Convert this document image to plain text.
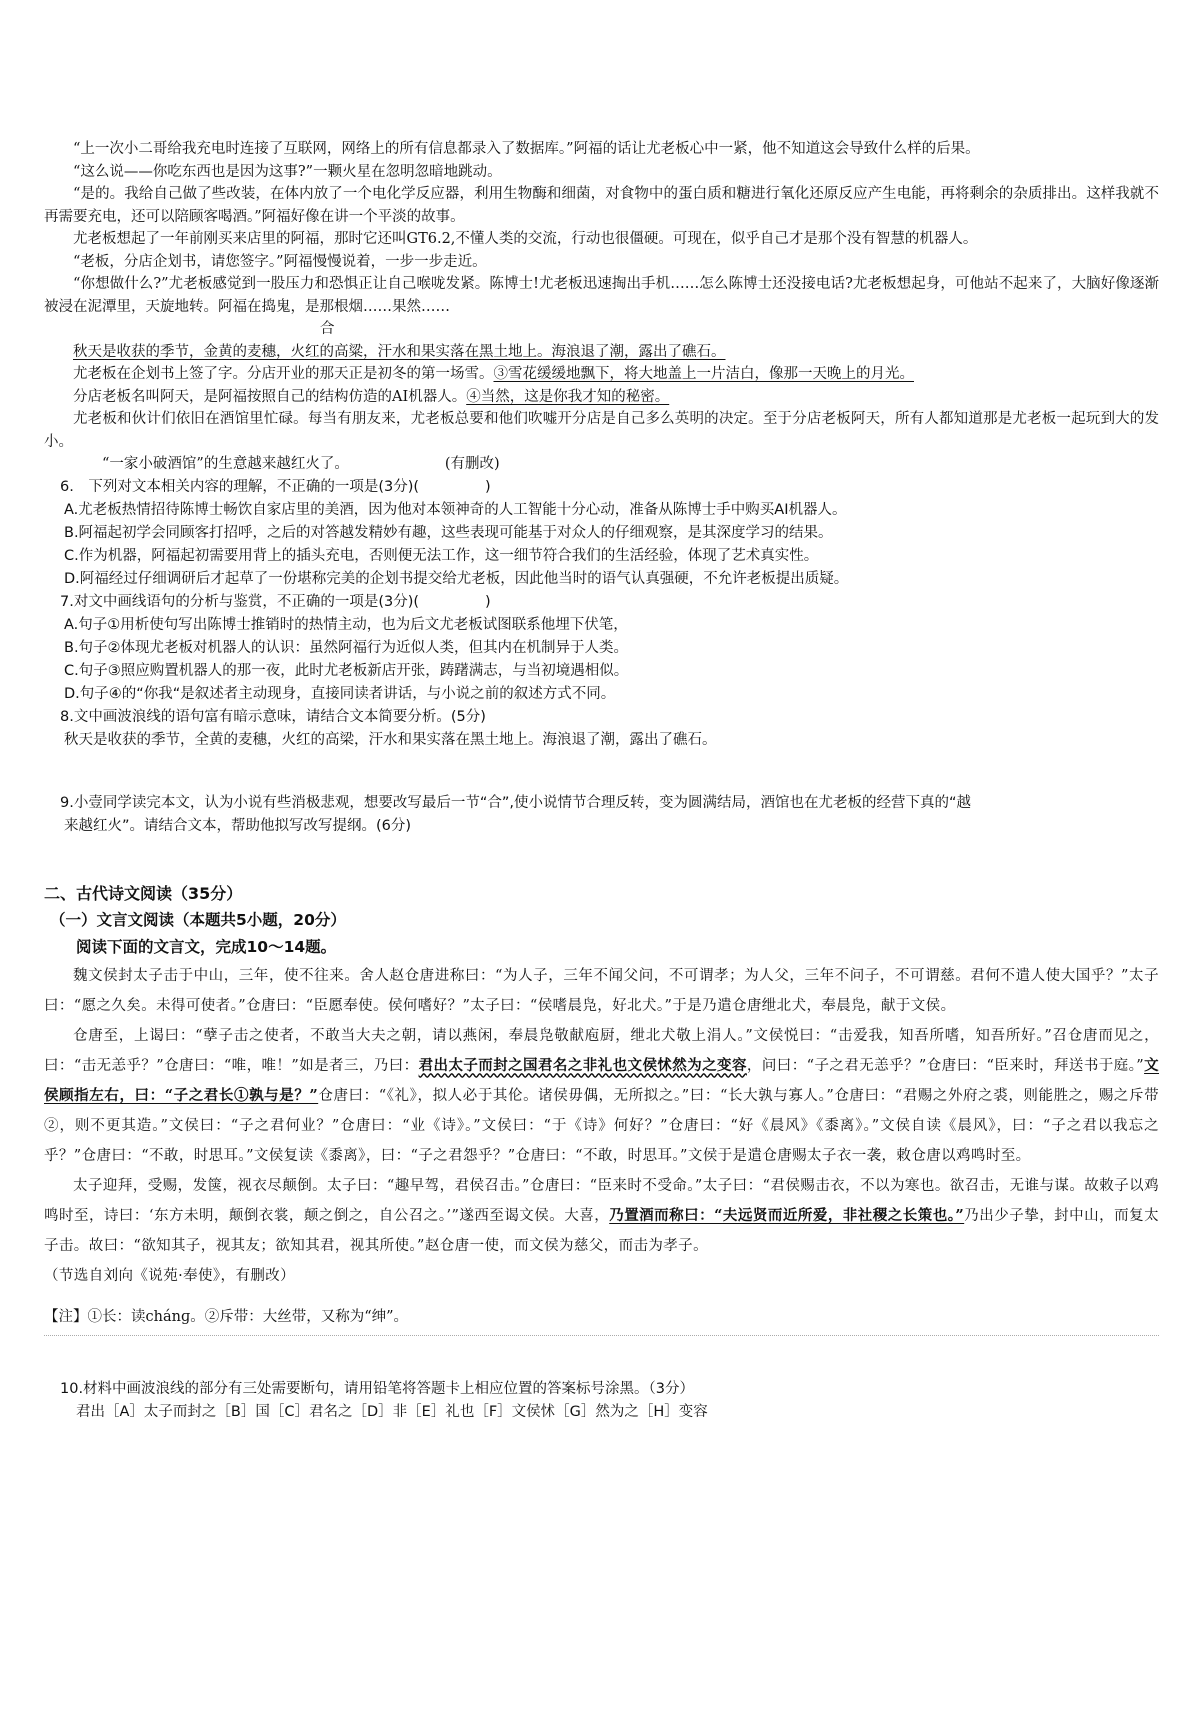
“上一次小二哥给我充电时连接了互联网，网络上的所有信息都录入了数据库。”阿福的话让尤老板心中一紧，他不知道这会导致什么样的后果。

“这么说——你吃东西也是因为这事?”一颗火星在忽明忽暗地跳动。

“是的。我给自己做了些改装，在体内放了一个电化学反应器，利用生物酶和细菌，对食物中的蛋白质和糖进行氧化还原反应产生电能，再将剩余的杂质排出。这样我就不再需要充电，还可以陪顾客喝酒。”阿福好像在讲一个平淡的故事。

尤老板想起了一年前刚买来店里的阿福，那时它还叫GT6.2,不懂人类的交流，行动也很僵硬。可现在，似乎自己才是那个没有智慧的机器人。

“老板，分店企划书，请您签字。”阿福慢慢说着，一步一步走近。

“你想做什么?”尤老板感觉到一股压力和恐惧正让自己喉咙发紧。陈博士!尤老板迅速掏出手机……怎么陈博士还没接电话?尤老板想起身，可他站不起来了，大脑好像逐渐被浸在泥潭里，天旋地转。阿福在捣鬼，是那根烟……果然……

合

秋天是收获的季节，金黄的麦穗，火红的高粱，汗水和果实落在黑土地上。海浪退了潮，露出了礁石。

尤老板在企划书上签了字。分店开业的那天正是初冬的第一场雪。③雪花缓缓地飘下，将大地盖上一片洁白，像那一天晚上的月光。

分店老板名叫阿天，是阿福按照自己的结构仿造的AI机器人。④当然，这是你我才知的秘密。

尤老板和伙计们依旧在酒馆里忙碌。每当有朋友来，尤老板总要和他们吹嘘开分店是自己多么英明的决定。至于分店老板阿天，所有人都知道那是尤老板一起玩到大的发小。

“一家小破酒馆”的生意越来越红火了。	(有删改)

6.　下列对文本相关内容的理解，不正确的一项是(3分)(	)

A.尤老板热情招待陈博士畅饮自家店里的美酒，因为他对本领神奇的人工智能十分心动，准备从陈博士手中购买AI机器人。

B.阿福起初学会同顾客打招呼，之后的对答越发精妙有趣，这些表现可能基于对众人的仔细观察，是其深度学习的结果。

C.作为机器，阿福起初需要用背上的插头充电，否则便无法工作，这一细节符合我们的生活经验，体现了艺术真实性。

D.阿福经过仔细调研后才起草了一份堪称完美的企划书提交给尤老板，因此他当时的语气认真强硬，不允许老板提出质疑。

7.对文中画线语句的分析与鉴赏，不正确的一项是(3分)(	)

A.句子①用析使句写出陈博士推销时的热情主动，也为后文尤老板试图联系他埋下伏笔，

B.句子②体现尤老板对机器人的认识：虽然阿福行为近似人类，但其内在机制异于人类。

C.句子③照应购置机器人的那一夜，此时尤老板新店开张，踌躇满志，与当初境遇相似。

D.句子④的“你我“是叙述者主动现身，直接同读者讲话，与小说之前的叙述方式不同。

8.文中画波浪线的语句富有暗示意味，请结合文本简要分析。(5分)

秋天是收获的季节，全黄的麦穗，火红的高梁，汗水和果实落在黑土地上。海浪退了潮，露出了礁石。

9.小壹同学读完本文，认为小说有些消极悲观，想要改写最后一节“合”,使小说情节合理反转，变为圆满结局，酒馆也在尤老板的经营下真的“越

来越红火”。请结合文本，帮助他拟写改写提纲。(6分)

二、古代诗文阅读（35分）

（一）文言文阅读（本题共5小题，20分）

阅读下面的文言文，完成10～14题。

魏文侯封太子击于中山，三年，使不往来。舍人赵仓唐进称曰：“为人子，三年不闻父问，不可谓孝；为人父，三年不问子，不可谓慈。君何不遣人使大国乎？”太子曰：“愿之久矣。未得可使者。”仓唐曰：“臣愿奉使。侯何嗜好？”太子曰：“侯嗜晨凫，好北犬。”于是乃遣仓唐绁北犬，奉晨凫，献于文侯。

仓唐至，上谒曰：“孽子击之使者，不敢当大夫之朝，请以燕闲，奉晨凫敬献庖厨，绁北犬敬上涓人。”文侯悦曰：“击爱我，知吾所嗜，知吾所好。”召仓唐而见之，曰：“击无恙乎？”仓唐曰：“唯，唯！”如是者三，乃曰：君出太子而封之国君名之非礼也文侯怵然为之变容，问曰：“子之君无恙乎？”仓唐曰：“臣来时，拜送书于庭。”文侯顾指左右，曰：“子之君长①孰与是？”仓唐曰：“《礼》，拟人必于其伦。诸侯毋偶，无所拟之。”曰：“长大孰与寡人。”仓唐曰：“君赐之外府之裘，则能胜之，赐之斥带②，则不更其造。”文侯曰：“子之君何业？”仓唐曰：“业《诗》。”文侯曰：“于《诗》何好？”仓唐曰：“好《晨风》《黍离》。”文侯自读《晨风》，曰：“子之君以我忘之乎？”仓唐曰：“不敢，时思耳。”文侯复读《黍离》，曰：“子之君怨乎？”仓唐曰：“不敢，时思耳。”文侯于是遣仓唐赐太子衣一袭，敕仓唐以鸡鸣时至。

太子迎拜，受赐，发箧，视衣尽颠倒。太子曰：“趣早驾，君侯召击。”仓唐曰：“臣来时不受命。”太子曰：“君侯赐击衣，不以为寒也。欲召击，无谁与谋。故敕子以鸡鸣时至，诗曰：‘东方未明，颠倒衣裳，颠之倒之，自公召之。’”遂西至谒文侯。大喜，乃置酒而称曰：“夫远贤而近所爱，非社稷之长策也。”乃出少子挚，封中山，而复太子击。故曰：“欲知其子，视其友；欲知其君，视其所使。”赵仓唐一使，而文侯为慈父，而击为孝子。

（节选自刘向《说苑·奉使》，有删改）

【注】①长：读chánɡ。②斥带：大丝带，又称为“绅”。

10.材料中画波浪线的部分有三处需要断句，请用铅笔将答题卡上相应位置的答案标号涂黑。（3分）

君出［A］太子而封之［B］国［C］君名之［D］非［E］礼也［F］文侯怵［G］然为之［H］变容
